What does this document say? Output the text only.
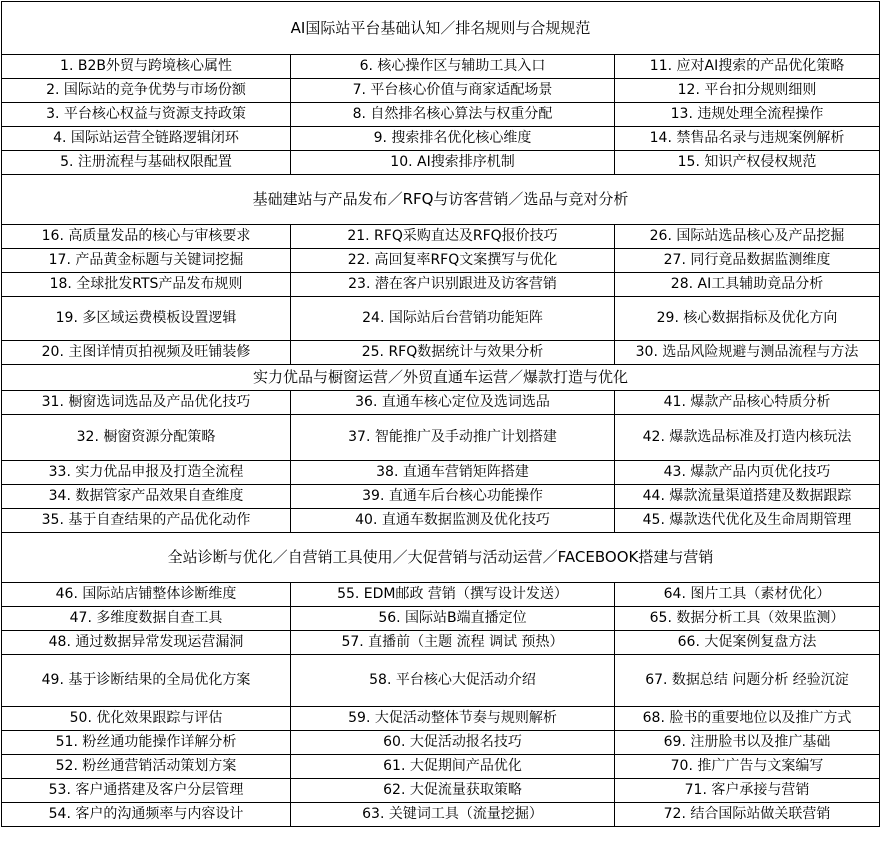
AI国际站平台基础认知／排名规则与合规规范		
1. B2B外贸与跨境核心属性	6. 核心操作区与辅助工具入口	11. 应对AI搜索的产品优化策略
2. 国际站的竞争优势与市场份额	7. 平台核心价值与商家适配场景	12. 平台扣分规则细则
3. 平台核心权益与资源支持政策	8. 自然排名核心算法与权重分配	13. 违规处理全流程操作
4. 国际站运营全链路逻辑闭环	9. 搜索排名优化核心维度	14. 禁售品名录与违规案例解析
5. 注册流程与基础权限配置	10. AI搜索排序机制	15. 知识产权侵权规范
基础建站与产品发布／RFQ与访客营销／选品与竞对分析		
16. 高质量发品的核心与审核要求	21. RFQ采购直达及RFQ报价技巧	26. 国际站选品核心及产品挖掘
17. 产品黄金标题与关键词挖掘	22. 高回复率RFQ文案撰写与优化	27. 同行竟品数据监测维度
18. 全球批发RTS产品发布规则	23. 潜在客户识别跟进及访客营销	28. AI工具辅助竟品分析
19. 多区域运费模板设置逻辑	24. 国际站后台营销功能矩阵	29. 核心数据指标及优化方向
20. 主图详情页拍视频及旺铺装修	25. RFQ数据统计与效果分析	30. 选品风险规避与测品流程与方法
实力优品与橱窗运营／外贸直通车运营／爆款打造与优化		
31. 橱窗选词选品及产品优化技巧	36. 直通车核心定位及选词选品	41. 爆款产品核心特质分析
32. 橱窗资源分配策略	37. 智能推广及手动推广计划搭建	42. 爆款选品标准及打造内核玩法
33. 实力优品申报及打造全流程	38. 直通车营销矩阵搭建	43. 爆款产品内页优化技巧
34. 数据管家产品效果自查维度	39. 直通车后台核心功能操作	44. 爆款流量渠道搭建及数据跟踪
35. 基于自查结果的产品优化动作	40. 直通车数据监测及优化技巧	45. 爆款迭代优化及生命周期管理
全站诊断与优化／自营销工具使用／大促营销与活动运营／FACEBOOK搭建与营销		
46. 国际站店铺整体诊断维度	55. EDM邮政 营销（撰写设计发送）	64. 图片工具（素材优化）
47. 多维度数据自查工具	56. 国际站B端直播定位	65. 数据分析工具（效果监测）
48. 通过数据异常发现运营漏洞	57. 直播前（主题 流程 调试 预热）	66. 大促案例复盘方法
49. 基于诊断结果的全局优化方案	58. 平台核心大促活动介绍	67. 数据总结 问题分析 经验沉淀
50. 优化效果跟踪与评估	59. 大促活动整体节奏与规则解析	68. 脸书的重要地位以及推广方式
51. 粉丝通功能操作详解分析	60. 大促活动报名技巧	69. 注册脸书以及推广基础
52. 粉丝通营销活动策划方案	61. 大促期间产品优化	70. 推广广告与文案编写
53. 客户通搭建及客户分层管理	62. 大促流量获取策略	71. 客户承接与营销
54. 客户的沟通频率与内容设计	63. 关键词工具（流量挖掘）	72. 结合国际站做关联营销
